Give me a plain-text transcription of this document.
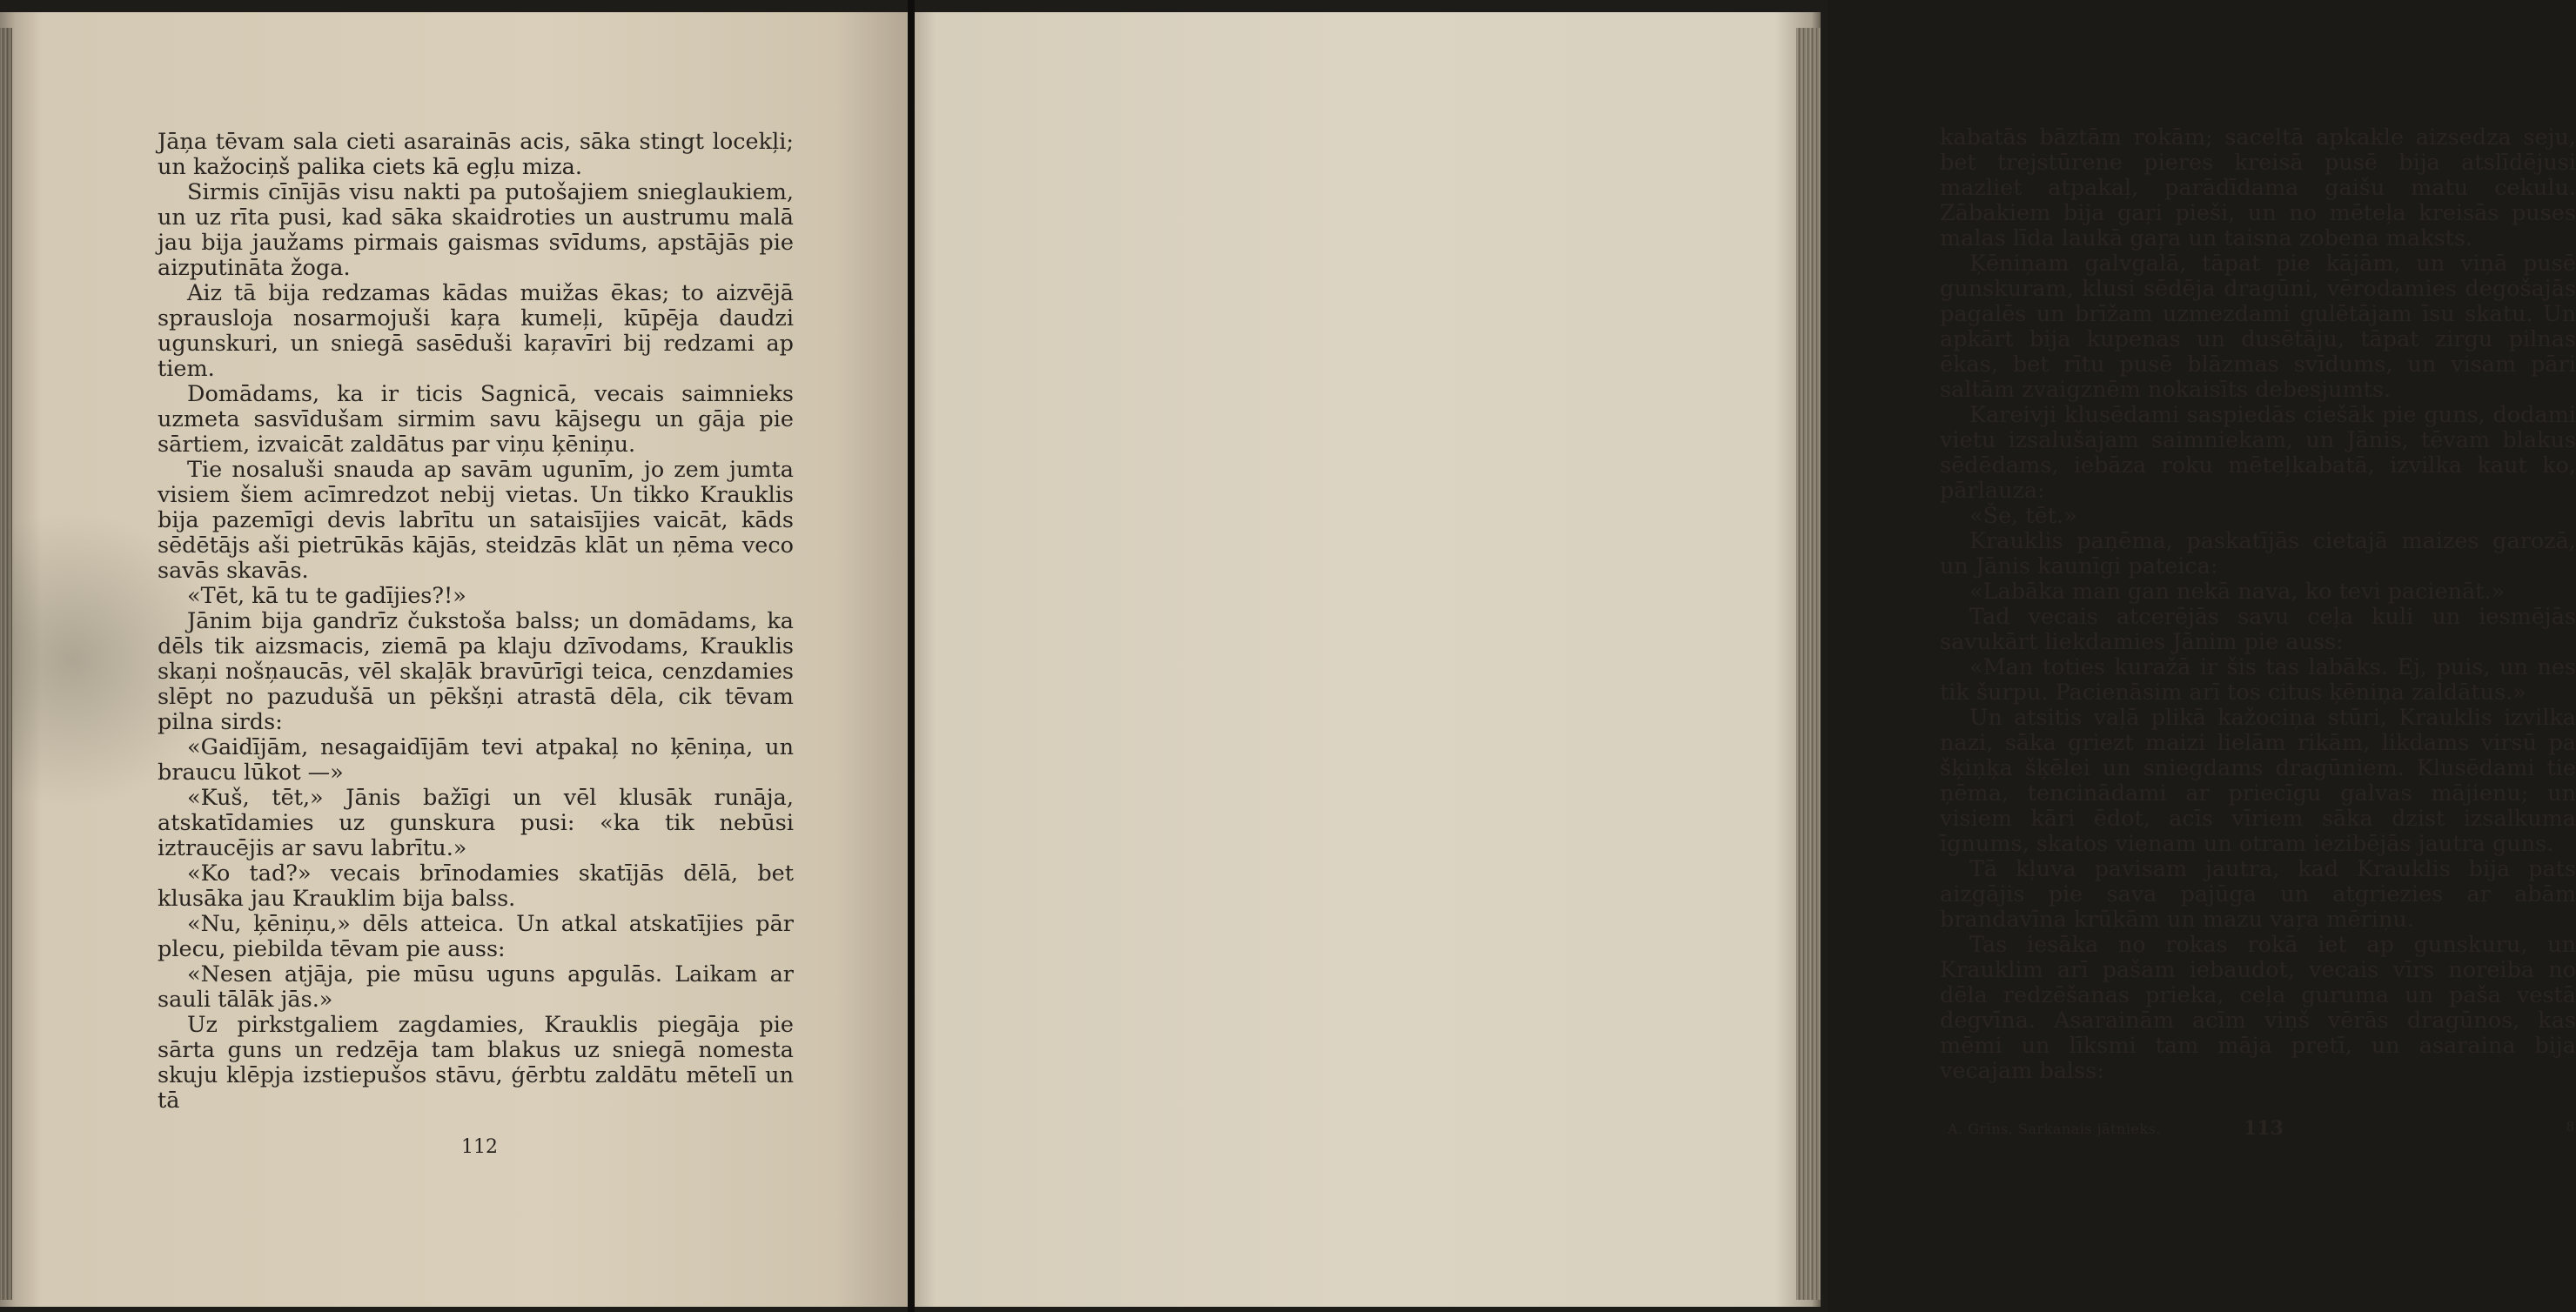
Jāņa tēvam sala cieti asarainās acis, sāka stingt locekļi; un kažociņš palika ciets kā egļu miza.

Sirmis cīnījās visu nakti pa putošajiem snieglaukiem, un uz rīta pusi, kad sāka skaidroties un austrumu malā jau bija jaužams pirmais gaismas svīdums, apstājās pie aizputināta žoga.

Aiz tā bija redzamas kādas muižas ēkas; to aizvējā sprausloja nosarmojuši kaŗa kumeļi, kūpēja daudzi ugunskuri, un sniegā sasēduši kaŗavīri bij redzami ap tiem.

Domādams, ka ir ticis Sagnicā, vecais saimnieks uzmeta sasvīdušam sirmim savu kājsegu un gāja pie sārtiem, izvaicāt zaldātus par viņu ķēniņu.

Tie nosaluši snauda ap savām ugunīm, jo zem jumta visiem šiem acīmredzot nebij vietas. Un tikko Krauklis bija pazemīgi devis labrītu un sataisījies vaicāt, kāds sēdētājs aši pietrūkās kājās, steidzās klāt un ņēma veco savās skavās.

«Tēt, kā tu te gadījies?!»

Jānim bija gandrīz čukstoša balss; un domādams, ka dēls tik aizsmacis, ziemā pa klaju dzīvodams, Krauklis skaņi nošņaucās, vēl skaļāk bravūrīgi teica, cenzdamies slēpt no pazudušā un pēkšņi atrastā dēla, cik tēvam pilna sirds:

«Gaidījām, nesagaidījām tevi atpakaļ no ķēniņa, un braucu lūkot —»

«Kuš, tēt,» Jānis bažīgi un vēl klusāk runāja, atskatīdamies uz gunskura pusi: «ka tik nebūsi iztraucējis ar savu labrītu.»

«Ko tad?» vecais brīnodamies skatījās dēlā, bet klusāka jau Krauklim bija balss.

«Nu, ķēniņu,» dēls atteica. Un atkal atskatījies pār plecu, piebilda tēvam pie auss:

«Nesen atjāja, pie mūsu uguns apgulās. Laikam ar sauli tālāk jās.»

Uz pirkstgaliem zagdamies, Krauklis piegāja pie sārta guns un redzēja tam blakus uz sniegā nomesta skuju klēpja izstiepušos stāvu, ģērbtu zaldātu mētelī un tā

112

kabatās bāztām rokām; saceltā apkakle aizsedza seju, bet trejstūrene pieres kreisā pusē bija atslīdējusi mazliet atpakaļ, parādīdama gaišu matu cekulu. Zābakiem bija gaŗi pieši, un no mēteļa kreisās puses malas līda laukā gaŗa un taisna zobena maksts.

Ķēniņam galvgalā, tāpat pie kājām, un viņā pusē gunskuram, klusi sēdēja dragūni, vērodamies degošajās pagalēs un brīžam uzmezdami gulētājam īsu skatu. Un apkārt bija kupenas un dusētāju, tāpat zirgu pilnas ēkas, bet rītu pusē blāzmas svīdums, un visam pāri saltām zvaigznēm nokaisīts debesjumts.

Kareivji klusēdami saspiedās ciešāk pie guns, dodami vietu izsalušajam saimniekam, un Jānis, tēvam blakus sēdēdams, iebāza roku mēteļkabatā, izvilka kaut ko, pārlauza:

«Še, tēt.»

Krauklis paņēma, paskatījās cietajā maizes garozā, un Jānis kaunīgi pateica:

«Labāka man gan nekā nava, ko tevi pacienāt.»

Tad vecais atcerējās savu ceļa kuli un iesmējās savukārt liekdamies Jānim pie auss:

«Man toties kuražā ir šis tas labāks. Ej, puis, un nes tik šurpu. Pacienāsim arī tos citus ķēniņa zaldātus.»

Un atsitis vaļā plikā kažociņa stūri, Krauklis izvilka nazi, sāka griezt maizi lielām rikām, likdams virsū pa šķiņķa šķēlei un sniegdams dragūniem. Klusēdami tie ņēma, tencinādami ar priecīgu galvas mājienu; un visiem kāri ēdot, acīs vīriem sāka dzist izsalkuma īgnums, skatos vienam un otram iezibējās jautra guns.

Tā kļuva pavisam jautra, kad Krauklis bija pats aizgājis pie sava pajūga un atgriezies ar abām brandavīna krūkām un mazu vaŗa mēriņu.

Tas iesāka no rokas rokā iet ap gunskuru, un Krauklim arī pašam iebaudot, vecais vīrs noreiba no dēla redzēšanas prieka, ceļa guruma un paša vestā degvīna. Asarainām acīm viņš vērās dragūnos, kas mēmi un līksmi tam māja pretī, un asaraina bija vecajam balss:

A. Grīns, Sarkanais jātnieks.	113	8
